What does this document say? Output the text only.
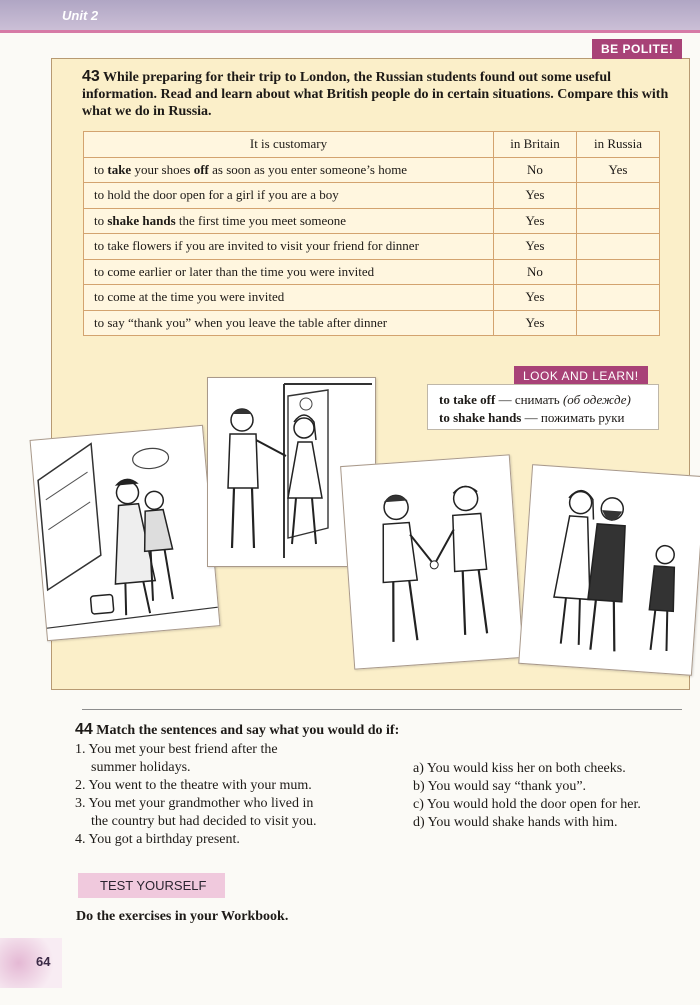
Unit 2
BE POLITE!
43 While preparing for their trip to London, the Russian students found out some useful information. Read and learn about what British people do in certain situations. Compare this with what we do in Russia.
It is customary	in Britain	in Russia
to take your shoes off as soon as you enter someone’s home	No	Yes
to hold the door open for a girl if you are a boy	Yes	
to shake hands the first time you meet someone	Yes	
to take flowers if you are invited to visit your friend for dinner	Yes	
to come earlier or later than the time you were invited	No	
to come at the time you were invited	Yes	
to say “thank you” when you leave the table after dinner	Yes	
LOOK AND LEARN!
to take off — снимать (об одежде)
to shake hands — пожимать руки
44 Match the sentences and say what you would do if:
1. You met your best friend after the
summer holidays.
2. You went to the theatre with your mum.
3. You met your grandmother who lived in
the country but had decided to visit you.
4. You got a birthday present.
a) You would kiss her on both cheeks.
b) You would say “thank you”.
c) You would hold the door open for her.
d) You would shake hands with him.
TEST YOURSELF
Do the exercises in your Workbook.
64
